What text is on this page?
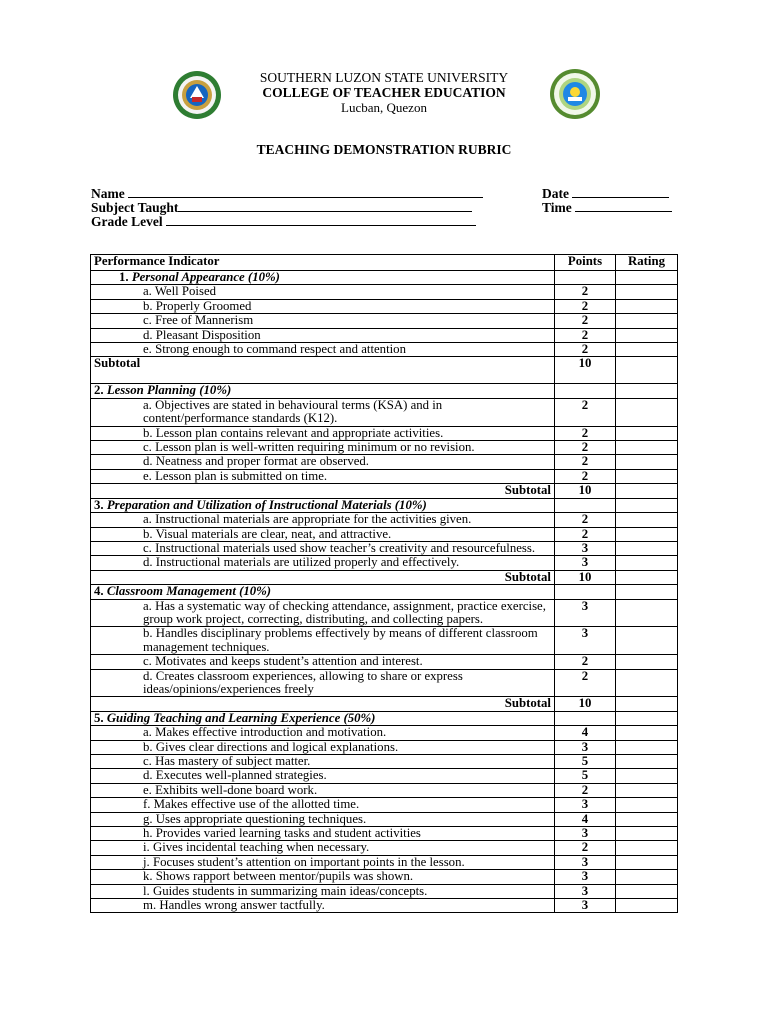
SOUTHERN LUZON STATE UNIVERSITY
COLLEGE OF TEACHER EDUCATION
Lucban, Quezon
TEACHING DEMONSTRATION RUBRIC
Name
Subject Taught
Grade Level
Date
Time
Performance Indicator	Points	Rating
1. Personal Appearance (10%)		
a. Well Poised	2	
b. Properly Groomed	2	
c. Free of Mannerism	2	
d. Pleasant Disposition	2	
e. Strong enough to command respect and attention	2	
Subtotal	10	
2. Lesson Planning (10%)		
a. Objectives are stated in behavioural terms (KSA) and in content/performance standards (K12).	2	
b. Lesson plan contains relevant and appropriate activities.	2	
c. Lesson plan is well-written requiring minimum or no revision.	2	
d. Neatness and proper format are observed.	2	
e. Lesson plan is submitted on time.	2	
Subtotal	10	
3. Preparation and Utilization of Instructional Materials (10%)		
a. Instructional materials are appropriate for the activities given.	2	
b. Visual materials are clear, neat, and attractive.	2	
c. Instructional materials used show teacher’s creativity and resourcefulness.	3	
d. Instructional materials are utilized properly and effectively.	3	
Subtotal	10	
4. Classroom Management (10%)		
a. Has a systematic way of checking attendance, assignment, practice exercise, group work project, correcting, distributing, and collecting papers.	3	
b. Handles disciplinary problems effectively by means of different classroom management techniques.	3	
c. Motivates and keeps student’s attention and interest.	2	
d. Creates classroom experiences, allowing to share or express ideas/opinions/experiences freely	2	
Subtotal	10	
5. Guiding Teaching and Learning Experience (50%)		
a. Makes effective introduction and motivation.	4	
b. Gives clear directions and logical explanations.	3	
c. Has mastery of subject matter.	5	
d. Executes well-planned strategies.	5	
e. Exhibits well-done board work.	2	
f. Makes effective use of the allotted time.	3	
g. Uses appropriate questioning techniques.	4	
h. Provides varied learning tasks and student activities	3	
i. Gives incidental teaching when necessary.	2	
j. Focuses student’s attention on important points in the lesson.	3	
k. Shows rapport between mentor/pupils was shown.	3	
l. Guides students in summarizing main ideas/concepts.	3	
m. Handles wrong answer tactfully.	3	
